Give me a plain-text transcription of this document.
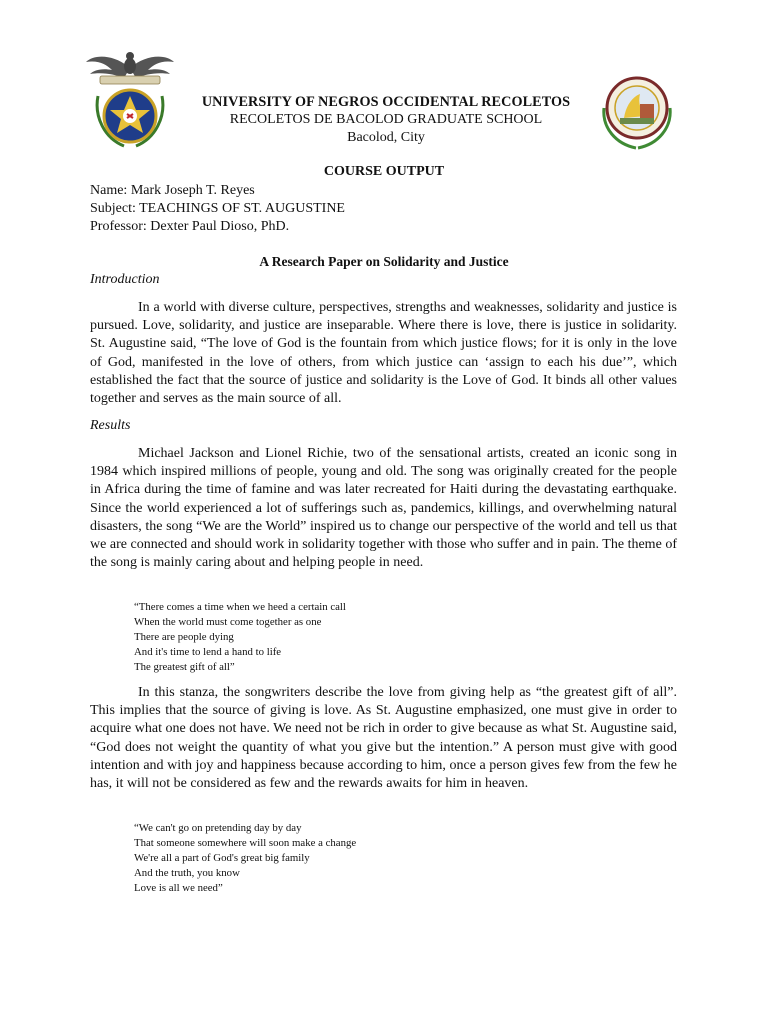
UNIVERSITY OF NEGROS OCCIDENTAL RECOLETOS
RECOLETOS DE BACOLOD GRADUATE SCHOOL
Bacolod, City
COURSE OUTPUT
Name: Mark Joseph T. Reyes
Subject: TEACHINGS OF ST. AUGUSTINE
Professor: Dexter Paul Dioso, PhD.
A Research Paper on Solidarity and Justice
Introduction

In a world with diverse culture, perspectives, strengths and weaknesses, solidarity and justice is pursued. Love, solidarity, and justice are inseparable. Where there is love, there is justice in solidarity. St. Augustine said, “The love of God is the fountain from which justice flows; for it is only in the love of God, manifested in the love of others, from which justice can ‘assign to each his due’”, which established the fact that the source of justice and solidarity is the Love of God. It binds all other values together and serves as the main source of all.

Results

Michael Jackson and Lionel Richie, two of the sensational artists, created an iconic song in 1984 which inspired millions of people, young and old. The song was originally created for the people in Africa during the time of famine and was later recreated for Haiti during the devastating earthquake. Since the world experienced a lot of sufferings such as, pandemics, killings, and overwhelming natural disasters, the song “We are the World” inspired us to change our perspective of the world and tell us that we are connected and should work in solidarity together with those who suffer and in pain. The theme of the song is mainly caring about and helping people in need.

“There comes a time when we heed a certain call
When the world must come together as one
There are people dying
And it's time to lend a hand to life
The greatest gift of all”

In this stanza, the songwriters describe the love from giving help as “the greatest gift of all”. This implies that the source of giving is love. As St. Augustine emphasized, one must give in order to acquire what one does not have. We need not be rich in order to give because as what St. Augustine said, “God does not weight the quantity of what you give but the intention.” A person must give with good intention and with joy and happiness because according to him, once a person gives few from the few he has, it will not be considered as few and the rewards awaits for him in heaven.

“We can't go on pretending day by day
That someone somewhere will soon make a change
We're all a part of God's great big family
And the truth, you know
Love is all we need”
